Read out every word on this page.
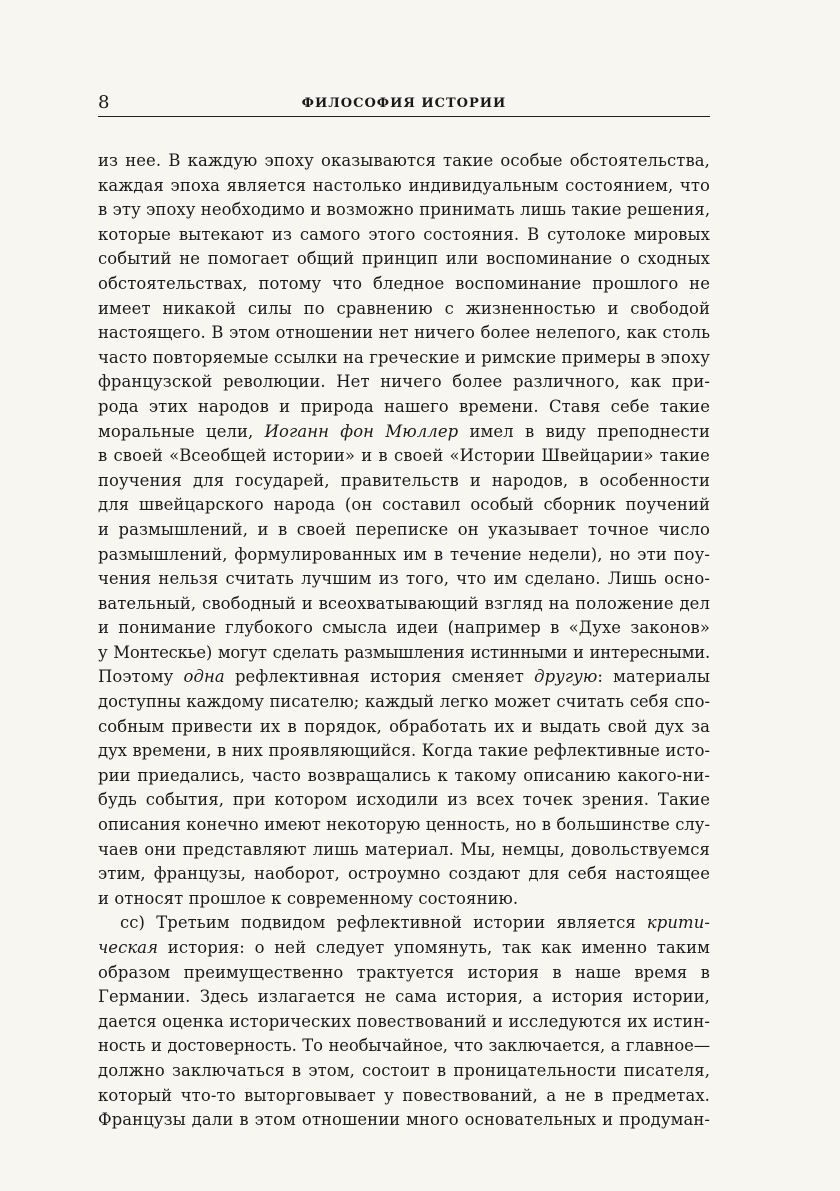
8	ФИЛОСОФИЯ ИСТОРИИ
из нее. В каждую эпоху оказываются такие особые обстоятельства,
каждая эпоха является настолько индивидуальным состоянием, что
в эту эпоху необходимо и возможно принимать лишь такие решения,
которые вытекают из самого этого состояния. В сутолоке мировых
событий не помогает общий принцип или воспоминание о сходных
обстоятельствах, потому что бледное воспоминание прошлого не
имеет никакой силы по сравнению с жизненностью и свободой
настоящего. В этом отношении нет ничего более нелепого, как столь
часто повторяемые ссылки на греческие и римские примеры в эпоху
французской революции. Нет ничего более различного, как при-
рода этих народов и природа нашего времени. Ставя себе такие
моральные цели, Иоганн фон Мюллер имел в виду преподнести
в своей «Всеобщей истории» и в своей «Истории Швейцарии» такие
поучения для государей, правительств и народов, в особенности
для швейцарского народа (он составил особый сборник поучений
и размышлений, и в своей переписке он указывает точное число
размышлений, формулированных им в течение недели), но эти поу-
чения нельзя считать лучшим из того, что им сделано. Лишь осно-
вательный, свободный и всеохватывающий взгляд на положение дел
и понимание глубокого смысла идеи (например в «Духе законов»
у Монтескье) могут сделать размышления истинными и интересными.
Поэтому одна рефлективная история сменяет другую: материалы
доступны каждому писателю; каждый легко может считать себя спо-
собным привести их в порядок, обработать их и выдать свой дух за
дух времени, в них проявляющийся. Когда такие рефлективные исто-
рии приедались, часто возвращались к такому описанию какого-ни-
будь события, при котором исходили из всех точек зрения. Такие
описания конечно имеют некоторую ценность, но в большинстве слу-
чаев они представляют лишь материал. Мы, немцы, довольствуемся
этим, французы, наоборот, остроумно создают для себя настоящее
и относят прошлое к современному состоянию.
сс) Третьим подвидом рефлективной истории является крити-
ческая история: о ней следует упомянуть, так как именно таким
образом преимущественно трактуется история в наше время в
Германии. Здесь излагается не сама история, а история истории,
дается оценка исторических повествований и исследуются их истин-
ность и достоверность. То необычайное, что заключается, а главное—
должно заключаться в этом, состоит в проницательности писателя,
который что-то выторговывает у повествований, а не в предметах.
Французы дали в этом отношении много основательных и продуман-
